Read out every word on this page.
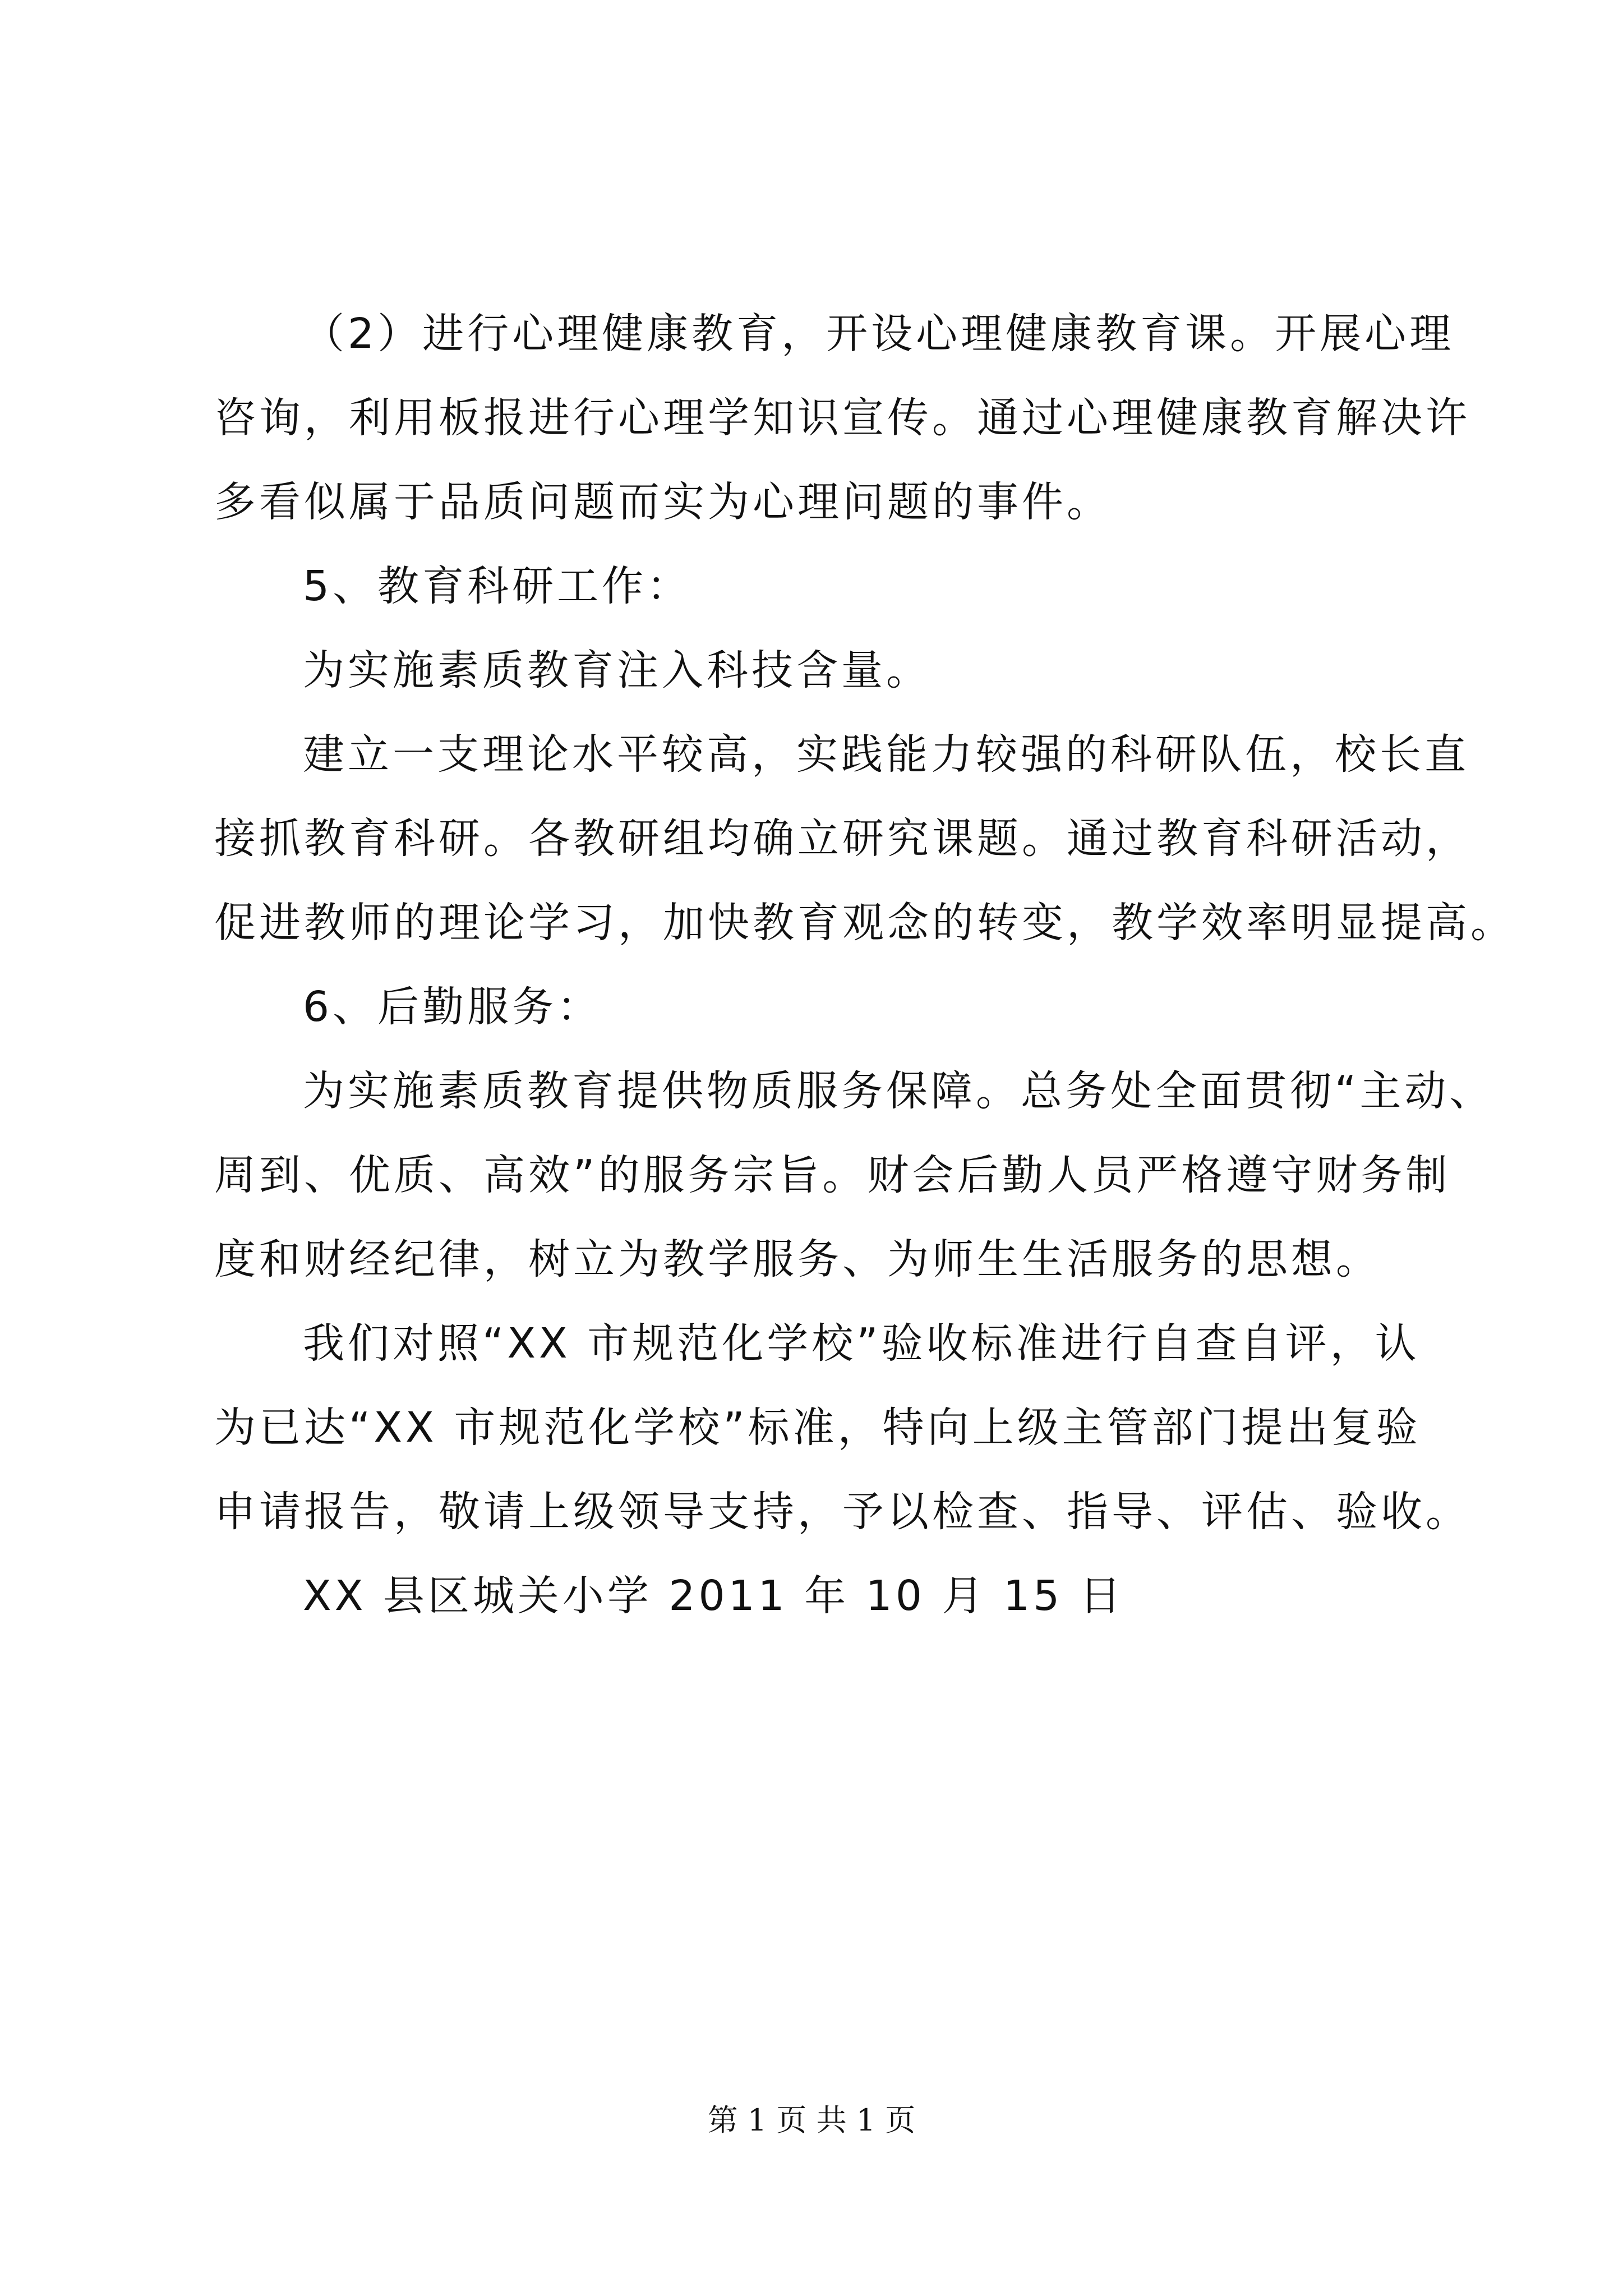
（2）进行心理健康教育，开设心理健康教育课。开展心理
咨询，利用板报进行心理学知识宣传。通过心理健康教育解决许
多看似属于品质问题而实为心理问题的事件。
5、教育科研工作：
为实施素质教育注入科技含量。
建立一支理论水平较高，实践能力较强的科研队伍，校长直
接抓教育科研。各教研组均确立研究课题。通过教育科研活动，
促进教师的理论学习，加快教育观念的转变，教学效率明显提高。
6、后勤服务：
为实施素质教育提供物质服务保障。总务处全面贯彻“主动、
周到、优质、高效”的服务宗旨。财会后勤人员严格遵守财务制
度和财经纪律，树立为教学服务、为师生生活服务的思想。
我们对照“XX 市规范化学校”验收标准进行自查自评，认
为已达“XX 市规范化学校”标准，特向上级主管部门提出复验
申请报告，敬请上级领导支持，予以检查、指导、评估、验收。
XX 县区城关小学 2011 年 10 月 15 日
第 1 页 共 1 页
